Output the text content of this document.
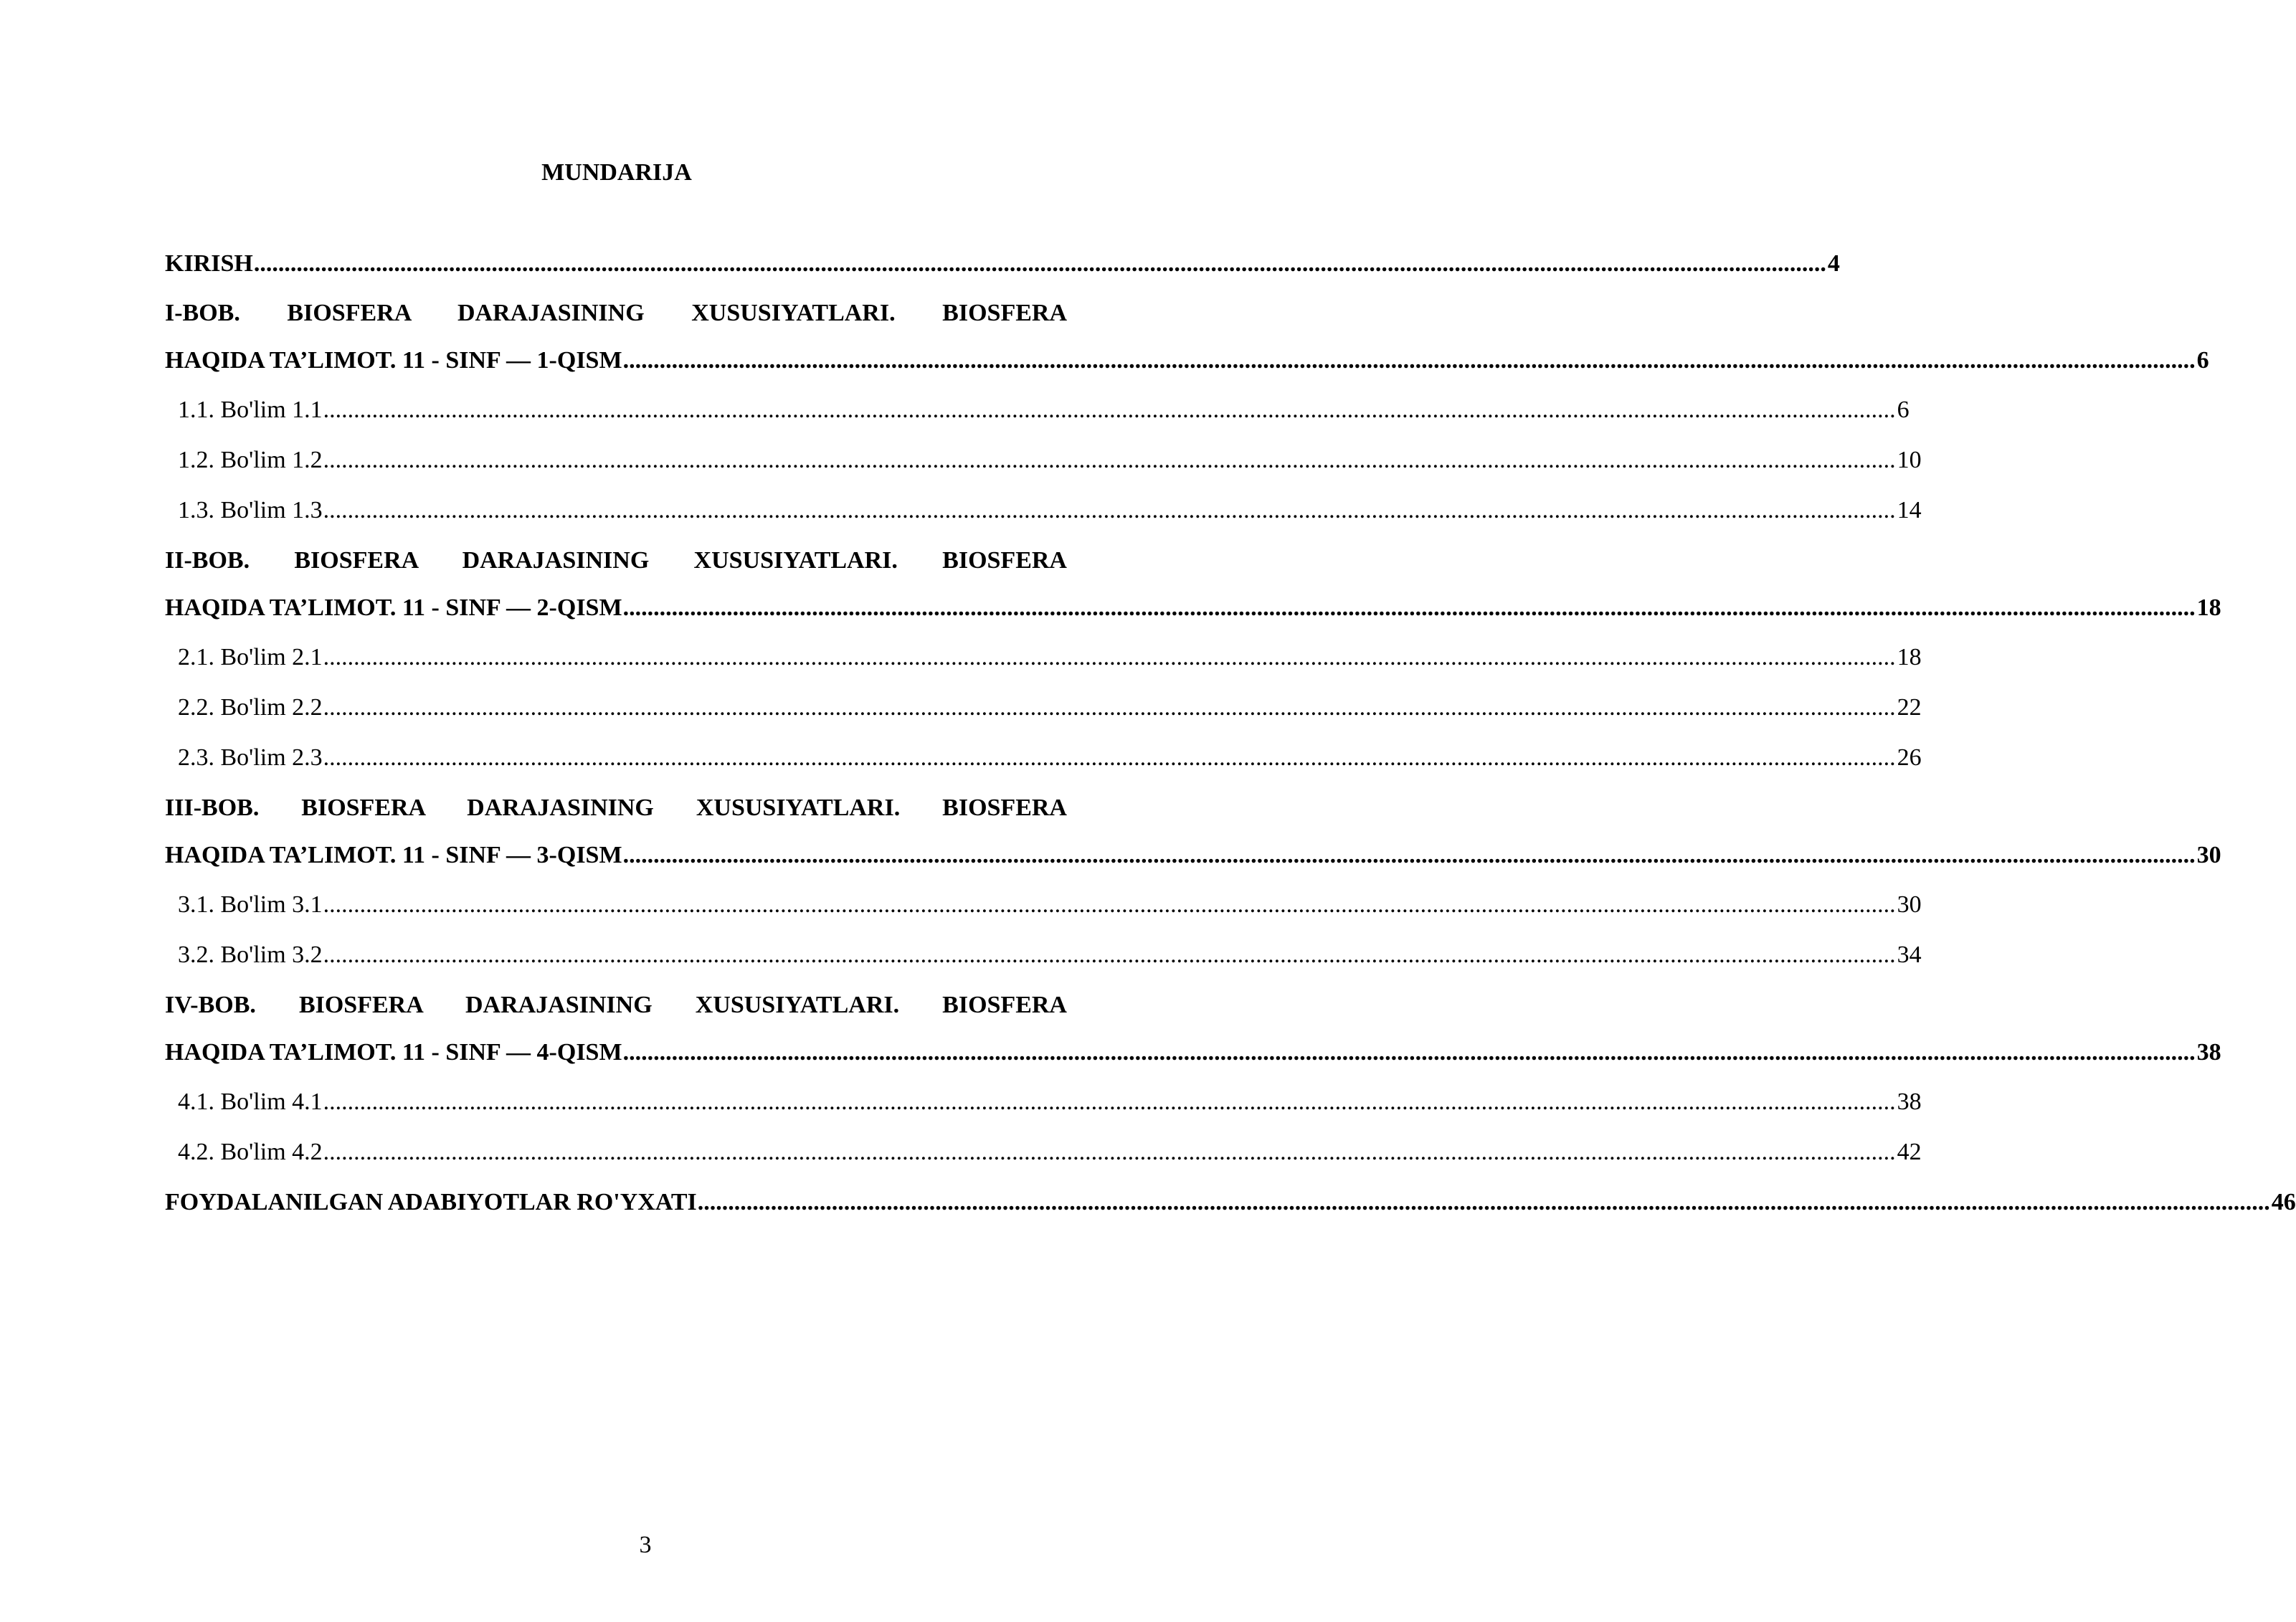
MUNDARIJA
KIRISH .................................................................................................................................................................................................................................................................. 4
I-BOB. BIOSFERA DARAJASINING XUSUSIYATLARI. BIOSFERA
HAQIDA TA’LIMOT. 11 - SINF — 1-QISM .................................................................................................................................................................................................................................................................. 6
1.1. Bo'lim 1.1 .................................................................................................................................................................................................................................................................. 6
1.2. Bo'lim 1.2 .................................................................................................................................................................................................................................................................. 10
1.3. Bo'lim 1.3 .................................................................................................................................................................................................................................................................. 14
II-BOB. BIOSFERA DARAJASINING XUSUSIYATLARI. BIOSFERA
HAQIDA TA’LIMOT. 11 - SINF — 2-QISM .................................................................................................................................................................................................................................................................. 18
2.1. Bo'lim 2.1 .................................................................................................................................................................................................................................................................. 18
2.2. Bo'lim 2.2 .................................................................................................................................................................................................................................................................. 22
2.3. Bo'lim 2.3 .................................................................................................................................................................................................................................................................. 26
III-BOB. BIOSFERA DARAJASINING XUSUSIYATLARI. BIOSFERA
HAQIDA TA’LIMOT. 11 - SINF — 3-QISM .................................................................................................................................................................................................................................................................. 30
3.1. Bo'lim 3.1 .................................................................................................................................................................................................................................................................. 30
3.2. Bo'lim 3.2 .................................................................................................................................................................................................................................................................. 34
IV-BOB. BIOSFERA DARAJASINING XUSUSIYATLARI. BIOSFERA
HAQIDA TA’LIMOT. 11 - SINF — 4-QISM .................................................................................................................................................................................................................................................................. 38
4.1. Bo'lim 4.1 .................................................................................................................................................................................................................................................................. 38
4.2. Bo'lim 4.2 .................................................................................................................................................................................................................................................................. 42
FOYDALANILGAN ADABIYOTLAR RO'YXATI .................................................................................................................................................................................................................................................................. 46
3
